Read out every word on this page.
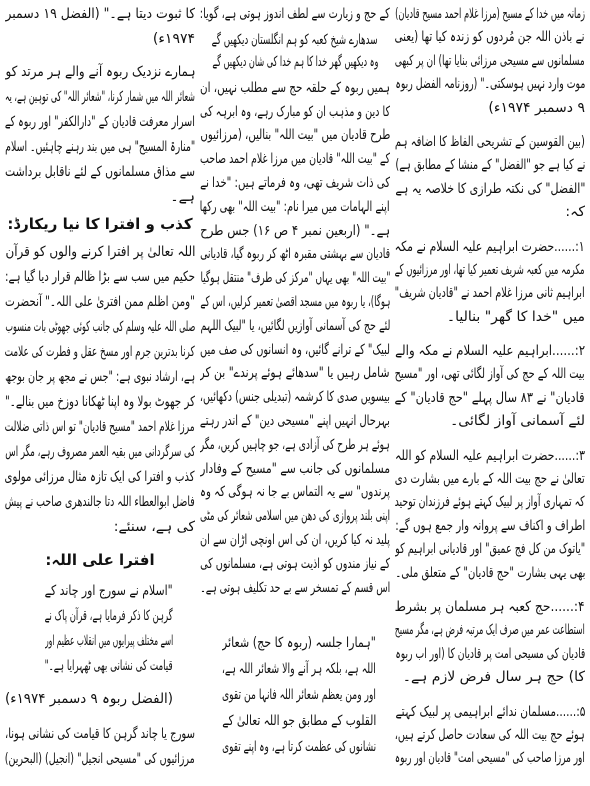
زمانہ میں خدا کے مسیح (مرزا غلام احمد مسیح قادیان)
نے باذن اللہ جن مُردوں کو زندہ کیا تھا (یعنی
مسلمانوں سے مسیحی مرزائی بنایا تھا) ان پر کبھی
موت وارد نہیں ہوسکتی۔" (روزنامہ الفضل ربوہ
۹ دسمبر ۱۹۷۴ء)
(بین القوسین کے تشریحی الفاظ کا اضافہ ہم
نے کیا ہے جو "الفضل" کے منشا کے مطابق ہے)
"الفضل" کی نکتہ طرازی کا خلاصہ یہ ہے
کہ:
۱:......حضرت ابراہیم علیہ السلام نے مکہ
مکرمہ میں کعبہ شریف تعمیر کیا تھا، اور مرزائیوں کے
ابراہیم ثانی مرزا غلام احمد نے "قادیان شریف"
میں "خدا کا گھر" بنالیا۔
۲:......ابراہیم علیہ السلام نے مکہ والے
بیت اللہ کے حج کی آواز لگائی تھی، اور "مسیح
قادیان" نے ۸۳ سال پہلے "حج قادیان" کے
لئے آسمانی آواز لگائی۔
۳:......حضرت ابراہیم علیہ السلام کو اللہ
تعالیٰ نے حج بیت اللہ کے بارے میں بشارت دی
کہ تمہاری آواز پر لبیک کہتے ہوئے فرزندان توحید
اطراف و اکناف سے پروانہ وار جمع ہوں گے:
"یاتوک من کل فج عمیق" اور قادیانی ابراہیم کو
بھی یہی بشارت "حج قادیان" کے متعلق ملی۔
۴:......حج کعبہ ہر مسلمان پر بشرط
استطاعت عمر میں صرف ایک مرتبہ فرض ہے، مگر مسیح
قادیان کی مسیحی امت پر قادیان کا (اور اب ربوہ
کا) حج ہر سال فرض لازم ہے۔
۵:......مسلمان ندائے ابراہیمی پر لبیک کہتے
ہوئے حج بیت اللہ کی سعادت حاصل کرتے ہیں،
اور مرزا صاحب کی "مسیحی امت" قادیان اور ربوہ
کے حج و زیارت سے لطف اندوز ہوتی ہے، گویا:
سدھارے شیخ کعبہ کو ہم انگلستان دیکھیں گے
وہ دیکھیں گھر خدا کا ہم خدا کی شان دیکھیں گے
ہمیں ربوہ کے حلقہ حج سے مطلب نہیں، ان
کا دین و مذہب ان کو مبارک رہے، وہ ابرہہ کی
طرح قادیان میں "بیت اللہ" بنالیں، (مرزائیوں
کے "بیت اللہ" قادیان میں مرزا غلام احمد صاحب
کی ذات شریف تھی، وہ فرماتے ہیں: "خدا نے
اپنے الہامات میں میرا نام: "بیت اللہ" بھی رکھا
ہے۔" (اربعین نمبر ۴ ص ۱۶) جس طرح
قادیان سے بہشتی مقبرہ اٹھ کر ربوہ گیا، قادیانی
"بیت اللہ" بھی یہاں "مرکز کی طرف" منتقل ہوگیا
ہوگا)، یا ربوہ میں مسجد اقصیٰ تعمیر کرلیں، اس کے
لئے حج کی آسمانی آوازیں لگائیں، یا "لبیک اللہم
لبیک" کے ترانے گائیں، وہ انسانوں کی صف میں
شامل رہیں یا "سدھائے ہوئے پرندے" بن کر
بیسویں صدی کا کرشمہ (تبدیلی جنس) دکھائیں،
بہرحال انہیں اپنے "مسیحی دین" کے اندر رہتے
ہوئے ہر طرح کی آزادی ہے، جو چاہیں کریں، مگر
مسلمانوں کی جانب سے "مسیح کے وفادار
پرندوں" سے یہ التماس بے جا نہ ہوگی کہ وہ
اپنی بلند پروازی کی دھن میں اسلامی شعائر کی مٹی
پلید نہ کیا کریں، ان کی اس اونچی اڑان سے ان
کے نیاز مندوں کو اذیت ہوتی ہے، مسلمانوں کی
اس قسم کے تمسخر سے بے حد تکلیف ہوتی ہے۔
"ہمارا جلسہ (ربوہ کا حج) شعائر
اللہ ہے، بلکہ ہر آنے والا شعائر اللہ ہے،
اور ومن یعظم شعائر اللہ فانہا من تقوی
القلوب کے مطابق جو اللہ تعالیٰ کے
نشانوں کی عظمت کرتا ہے، وہ اپنے تقوی
کا ثبوت دیتا ہے۔" (الفضل ۱۹ دسمبر
۱۹۷۴ء)
ہمارے نزدیک ربوہ آنے والے ہر مرتد کو
شعائر اللہ میں شمار کرنا، "شعائر اللہ" کی توہین ہے، یہ
اسرار معرفت قادیان کے "دارالکفر" اور ربوہ کے
"منارۃ المسیح" ہی میں بند رہنے چاہئیں۔ اسلام
سے مذاق مسلمانوں کے لئے ناقابل برداشت
ہے۔
کذب و افترا کا نیا ریکارڈ:
اللہ تعالیٰ پر افترا کرنے والوں کو قرآن
حکیم میں سب سے بڑا ظالم قرار دیا گیا ہے:
"ومن اظلم ممن افتریٰ علی اللہ۔" آنحضرت
صلی اللہ علیہ وسلم کی جانب کوئی جھوٹی بات منسوب
کرنا بدترین جرم اور مسخ عقل و فطرت کی علامت
ہے، ارشاد نبوی ہے: "جس نے مجھ پر جان بوجھ
کر جھوٹ بولا وہ اپنا ٹھکانا دوزخ میں بنالے۔"
مرزا غلام احمد "مسیح قادیان" تو اس ذاتی ضلالت
کی سرگردانی میں بقیہ العمر مصروف رہے، مگر اس
کذب و افترا کی ایک تازہ مثال مرزائی مولوی
فاضل ابوالعطاء اللہ دتا جالندھری صاحب نے پیش
کی ہے، سنئے:
افترا علی اللہ:
"اسلام نے سورج اور چاند کے
گرہن کا ذکر فرمایا ہے، قرآن پاک نے
اسے مختلف پیرایوں میں انقلاب عظیم اور
قیامت کی نشانی بھی ٹھہرایا ہے۔"
(الفضل ربوہ ۹ دسمبر ۱۹۷۴ء)
سورج یا چاند گرہن کا قیامت کی نشانی ہونا،
مرزائیوں کی "مسیحی انجیل" (انجیل) (البحرین)
